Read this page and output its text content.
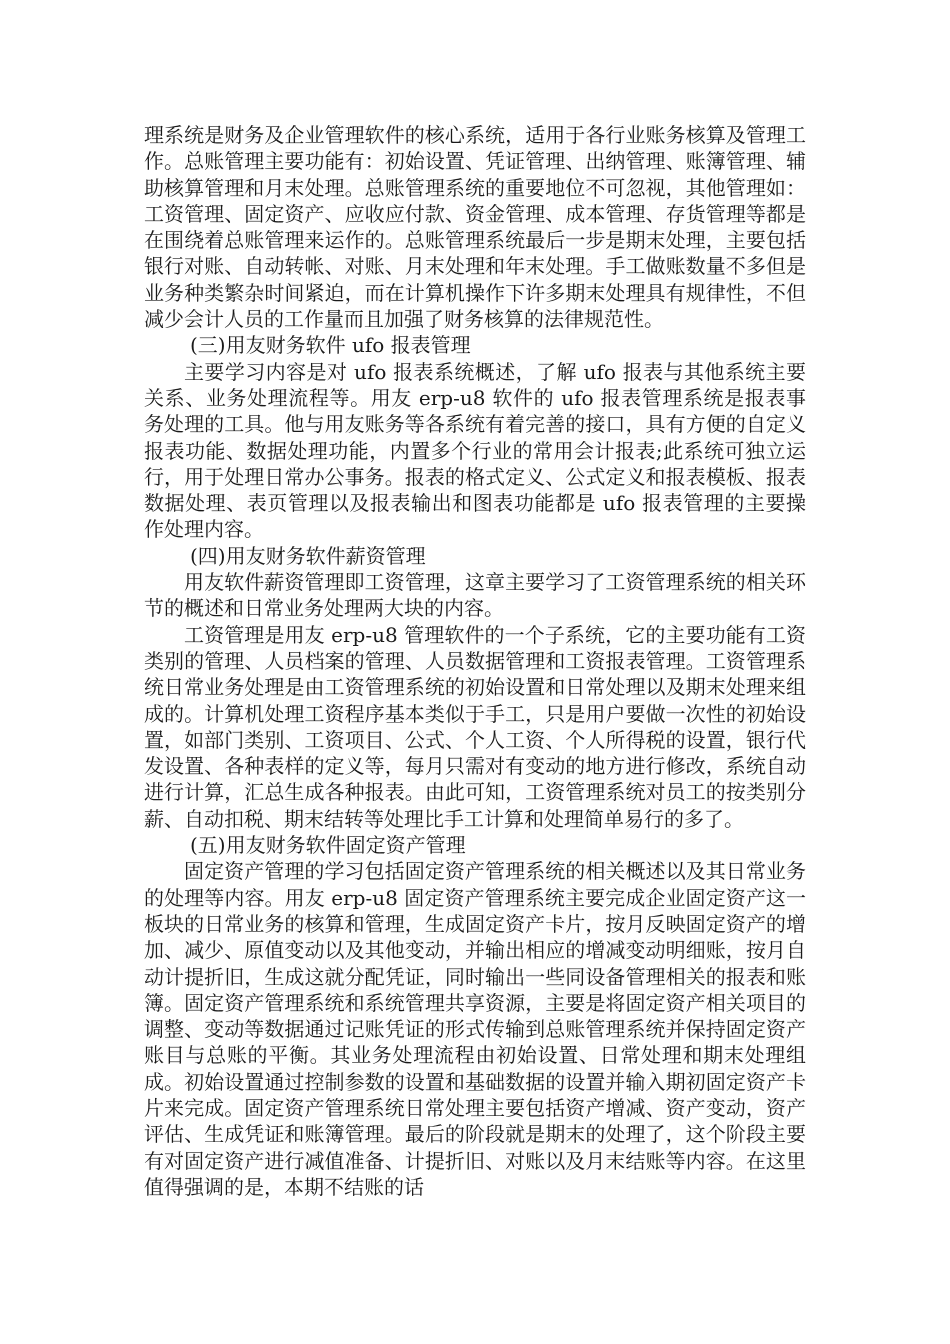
理系统是财务及企业管理软件的核心系统，适用于各行业账务核算及管理工作。总账管理主要功能有：初始设置、凭证管理、出纳管理、账簿管理、辅助核算管理和月末处理。总账管理系统的重要地位不可忽视，其他管理如：工资管理、固定资产、应收应付款、资金管理、成本管理、存货管理等都是在围绕着总账管理来运作的。总账管理系统最后一步是期末处理，主要包括银行对账、自动转帐、对账、月末处理和年末处理。手工做账数量不多但是业务种类繁杂时间紧迫，而在计算机操作下许多期末处理具有规律性，不但减少会计人员的工作量而且加强了财务核算的法律规范性。

(三)用友财务软件 ufo 报表管理

主要学习内容是对 ufo 报表系统概述，了解 ufo 报表与其他系统主要关系、业务处理流程等。用友 erp-u8 软件的 ufo 报表管理系统是报表事务处理的工具。他与用友账务等各系统有着完善的接口，具有方便的自定义报表功能、数据处理功能，内置多个行业的常用会计报表;此系统可独立运行，用于处理日常办公事务。报表的格式定义、公式定义和报表模板、报表数据处理、表页管理以及报表输出和图表功能都是 ufo 报表管理的主要操作处理内容。

(四)用友财务软件薪资管理

用友软件薪资管理即工资管理，这章主要学习了工资管理系统的相关环节的概述和日常业务处理两大块的内容。

工资管理是用友 erp-u8 管理软件的一个子系统，它的主要功能有工资类别的管理、人员档案的管理、人员数据管理和工资报表管理。工资管理系统日常业务处理是由工资管理系统的初始设置和日常处理以及期末处理来组成的。计算机处理工资程序基本类似于手工，只是用户要做一次性的初始设置，如部门类别、工资项目、公式、个人工资、个人所得税的设置，银行代发设置、各种表样的定义等，每月只需对有变动的地方进行修改，系统自动进行计算，汇总生成各种报表。由此可知，工资管理系统对员工的按类别分薪、自动扣税、期末结转等处理比手工计算和处理简单易行的多了。

(五)用友财务软件固定资产管理

固定资产管理的学习包括固定资产管理系统的相关概述以及其日常业务的处理等内容。用友 erp-u8 固定资产管理系统主要完成企业固定资产这一板块的日常业务的核算和管理，生成固定资产卡片，按月反映固定资产的增加、减少、原值变动以及其他变动，并输出相应的增减变动明细账，按月自动计提折旧，生成这就分配凭证，同时输出一些同设备管理相关的报表和账簿。固定资产管理系统和系统管理共享资源，主要是将固定资产相关项目的调整、变动等数据通过记账凭证的形式传输到总账管理系统并保持固定资产账目与总账的平衡。其业务处理流程由初始设置、日常处理和期末处理组成。初始设置通过控制参数的设置和基础数据的设置并输入期初固定资产卡片来完成。固定资产管理系统日常处理主要包括资产增减、资产变动，资产评估、生成凭证和账簿管理。最后的阶段就是期末的处理了，这个阶段主要有对固定资产进行减值准备、计提折旧、对账以及月末结账等内容。在这里值得强调的是，本期不结账的话
